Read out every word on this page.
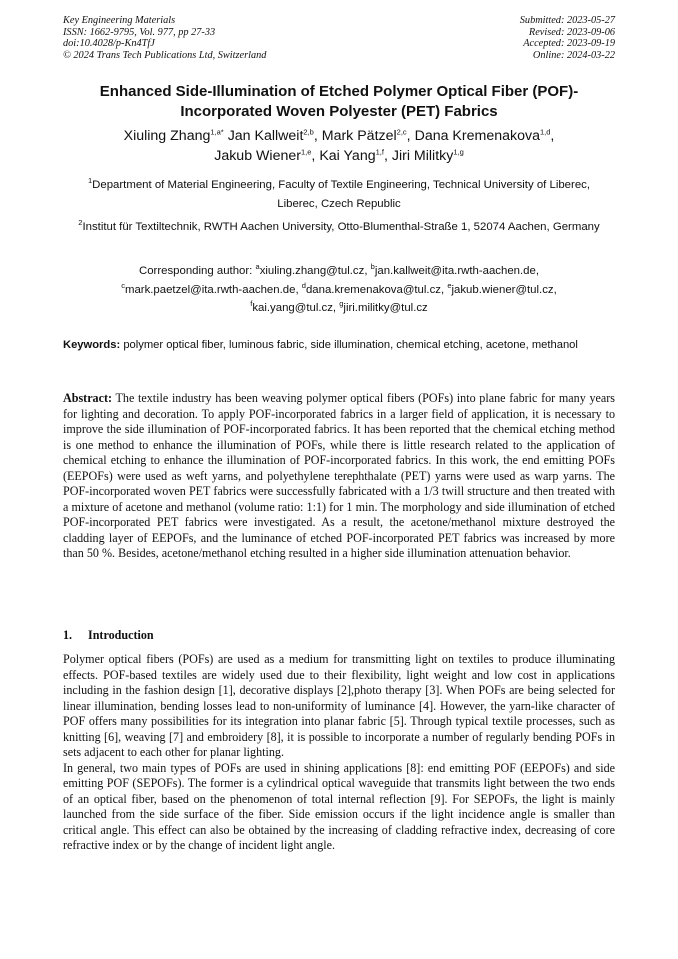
Key Engineering Materials
ISSN: 1662-9795, Vol. 977, pp 27-33
doi:10.4028/p-Kn4TfJ
© 2024 Trans Tech Publications Ltd, Switzerland
Submitted: 2023-05-27
Revised: 2023-09-06
Accepted: 2023-09-19
Online: 2024-03-22
Enhanced Side-Illumination of Etched Polymer Optical Fiber (POF)-Incorporated Woven Polyester (PET) Fabrics
Xiuling Zhang$^{1,a*}$ Jan Kallweit$^{2,b}$, Mark Pätzel$^{2,c}$, Dana Kremenakova$^{1,d}$,
Jakub Wiener$^{1,e}$, Kai Yang$^{1,f}$, Jiri Militky$^{1,g}$
$^1$Department of Material Engineering, Faculty of Textile Engineering, Technical University of Liberec, Liberec, Czech Republic
$^2$Institut für Textiltechnik, RWTH Aachen University, Otto-Blumenthal-Straße 1, 52074 Aachen, Germany
Corresponding author: $^a$xiuling.zhang@tul.cz, $^b$jan.kallweit@ita.rwth-aachen.de,
$^c$mark.paetzel@ita.rwth-aachen.de, $^d$dana.kremenakova@tul.cz, $^e$jakub.wiener@tul.cz,
$^f$kai.yang@tul.cz, $^g$jiri.militky@tul.cz
Keywords: polymer optical fiber, luminous fabric, side illumination, chemical etching, acetone, methanol
Abstract: The textile industry has been weaving polymer optical fibers (POFs) into plane fabric for many years for lighting and decoration. To apply POF-incorporated fabrics in a larger field of application, it is necessary to improve the side illumination of POF-incorporated fabrics. It has been reported that the chemical etching method is one method to enhance the illumination of POFs, while there is little research related to the application of chemical etching to enhance the illumination of POF-incorporated fabrics. In this work, the end emitting POFs (EEPOFs) were used as weft yarns, and polyethylene terephthalate (PET) yarns were used as warp yarns. The POF-incorporated woven PET fabrics were successfully fabricated with a 1/3 twill structure and then treated with a mixture of acetone and methanol (volume ratio: 1:1) for 1 min. The morphology and side illumination of etched POF-incorporated PET fabrics were investigated. As a result, the acetone/methanol mixture destroyed the cladding layer of EEPOFs, and the luminance of etched POF-incorporated PET fabrics was increased by more than 50 %. Besides, acetone/methanol etching resulted in a higher side illumination attenuation behavior.
1. Introduction

Polymer optical fibers (POFs) are used as a medium for transmitting light on textiles to produce illuminating effects. POF-based textiles are widely used due to their flexibility, light weight and low cost in applications including in the fashion design [1], decorative displays [2],photo therapy [3]. When POFs are being selected for linear illumination, bending losses lead to non-uniformity of luminance [4]. However, the yarn-like character of POF offers many possibilities for its integration into planar fabric [5]. Through typical textile processes, such as knitting [6], weaving [7] and embroidery [8], it is possible to incorporate a number of regularly bending POFs in sets adjacent to each other for planar lighting.

In general, two main types of POFs are used in shining applications [8]: end emitting POF (EEPOFs) and side emitting POF (SEPOFs). The former is a cylindrical optical waveguide that transmits light between the two ends of an optical fiber, based on the phenomenon of total internal reflection [9]. For SEPOFs, the light is mainly launched from the side surface of the fiber. Side emission occurs if the light incidence angle is smaller than critical angle. This effect can also be obtained by the increasing of cladding refractive index, decreasing of core refractive index or by the change of incident light angle.
